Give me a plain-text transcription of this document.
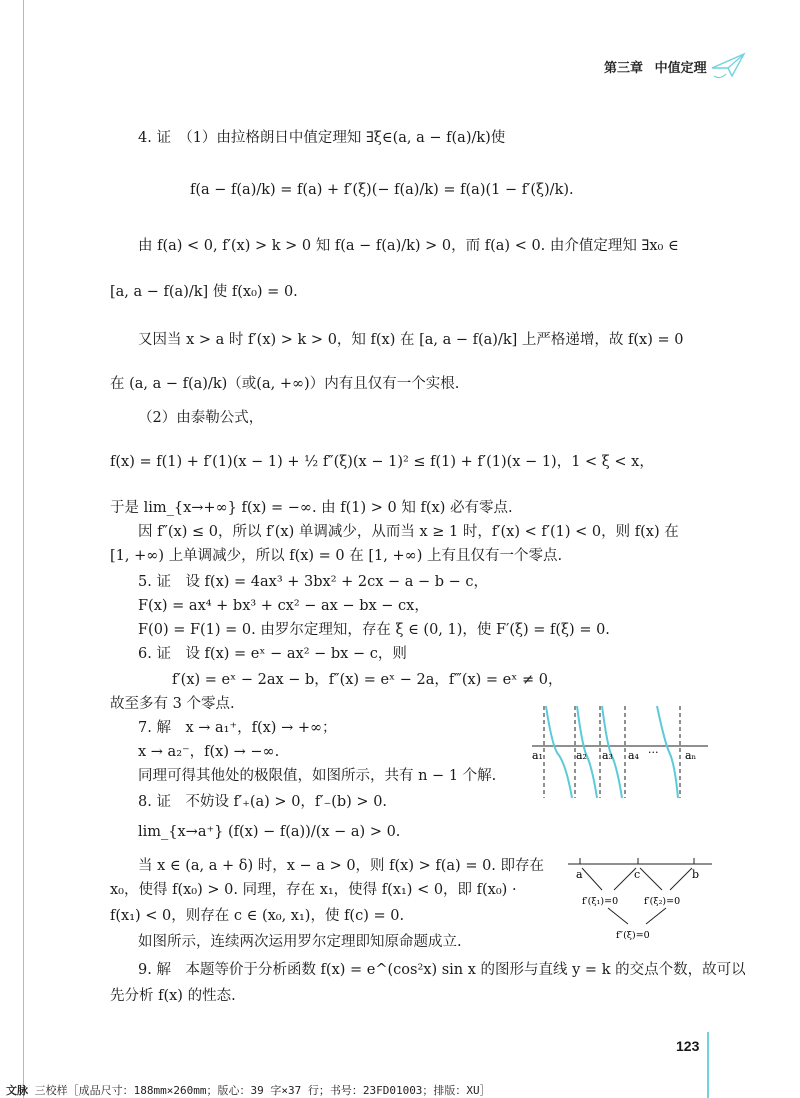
第三章 中值定理
4. 证　（1）由拉格朗日中值定理知 ∃ξ∈(a, a − f(a)/k)使
f(a − f(a)/k) = f(a) + f′(ξ)(− f(a)/k) = f(a)(1 − f′(ξ)/k).
由 f(a) < 0, f′(x) > k > 0 知 f(a − f(a)/k) > 0，而 f(a) < 0. 由介值定理知 ∃x₀ ∈
[a, a − f(a)/k] 使 f(x₀) = 0.
又因当 x > a 时 f′(x) > k > 0，知 f(x) 在 [a, a − f(a)/k] 上严格递增，故 f(x) = 0
在 (a, a − f(a)/k)（或(a, +∞)）内有且仅有一个实根.
（2）由泰勒公式，
f(x) = f(1) + f′(1)(x − 1) + ½ f″(ξ)(x − 1)² ≤ f(1) + f′(1)(x − 1)，1 < ξ < x，
于是 lim_{x→+∞} f(x) = −∞. 由 f(1) > 0 知 f(x) 必有零点.
因 f″(x) ≤ 0，所以 f′(x) 单调减少，从而当 x ≥ 1 时，f′(x) < f′(1) < 0，则 f(x) 在
[1, +∞) 上单调减少，所以 f(x) = 0 在 [1, +∞) 上有且仅有一个零点.
5. 证　设 f(x) = 4ax³ + 3bx² + 2cx − a − b − c，
F(x) = ax⁴ + bx³ + cx² − ax − bx − cx，
F(0) = F(1) = 0. 由罗尔定理知，存在 ξ ∈ (0, 1)，使 F′(ξ) = f(ξ) = 0.
6. 证　设 f(x) = eˣ − ax² − bx − c，则
f′(x) = eˣ − 2ax − b，f″(x) = eˣ − 2a，f‴(x) = eˣ ≠ 0，
故至多有 3 个零点.
7. 解　x → a₁⁺，f(x) → +∞；
x → a₂⁻，f(x) → −∞.
同理可得其他处的极限值，如图所示，共有 n − 1 个解.
8. 证　不妨设 f′₊(a) > 0，f′₋(b) > 0.
lim_{x→a⁺} (f(x) − f(a))/(x − a) > 0.
当 x ∈ (a, a + δ) 时，x − a > 0，则 f(x) > f(a) = 0. 即存在
x₀，使得 f(x₀) > 0. 同理，存在 x₁，使得 f(x₁) < 0，即 f(x₀) ·
f(x₁) < 0，则存在 c ∈ (x₀, x₁)，使 f(c) = 0.
如图所示，连续两次运用罗尔定理即知原命题成立.
9. 解　本题等价于分析函数 f(x) = e^(cos²x) sin x 的图形与直线 y = k 的交点个数，故可以
先分析 f(x) 的性态.
a₁	a₂ a₃ a₄ ··· aₙ
a	c	b
f′(ξ₁)=0	f′(ξ₂)=0
f″(ξ)=0
123
文脉 三校样［成品尺寸：188mm×260mm；版心：39 字×37 行；书号：23FD01003；排版：XU］
